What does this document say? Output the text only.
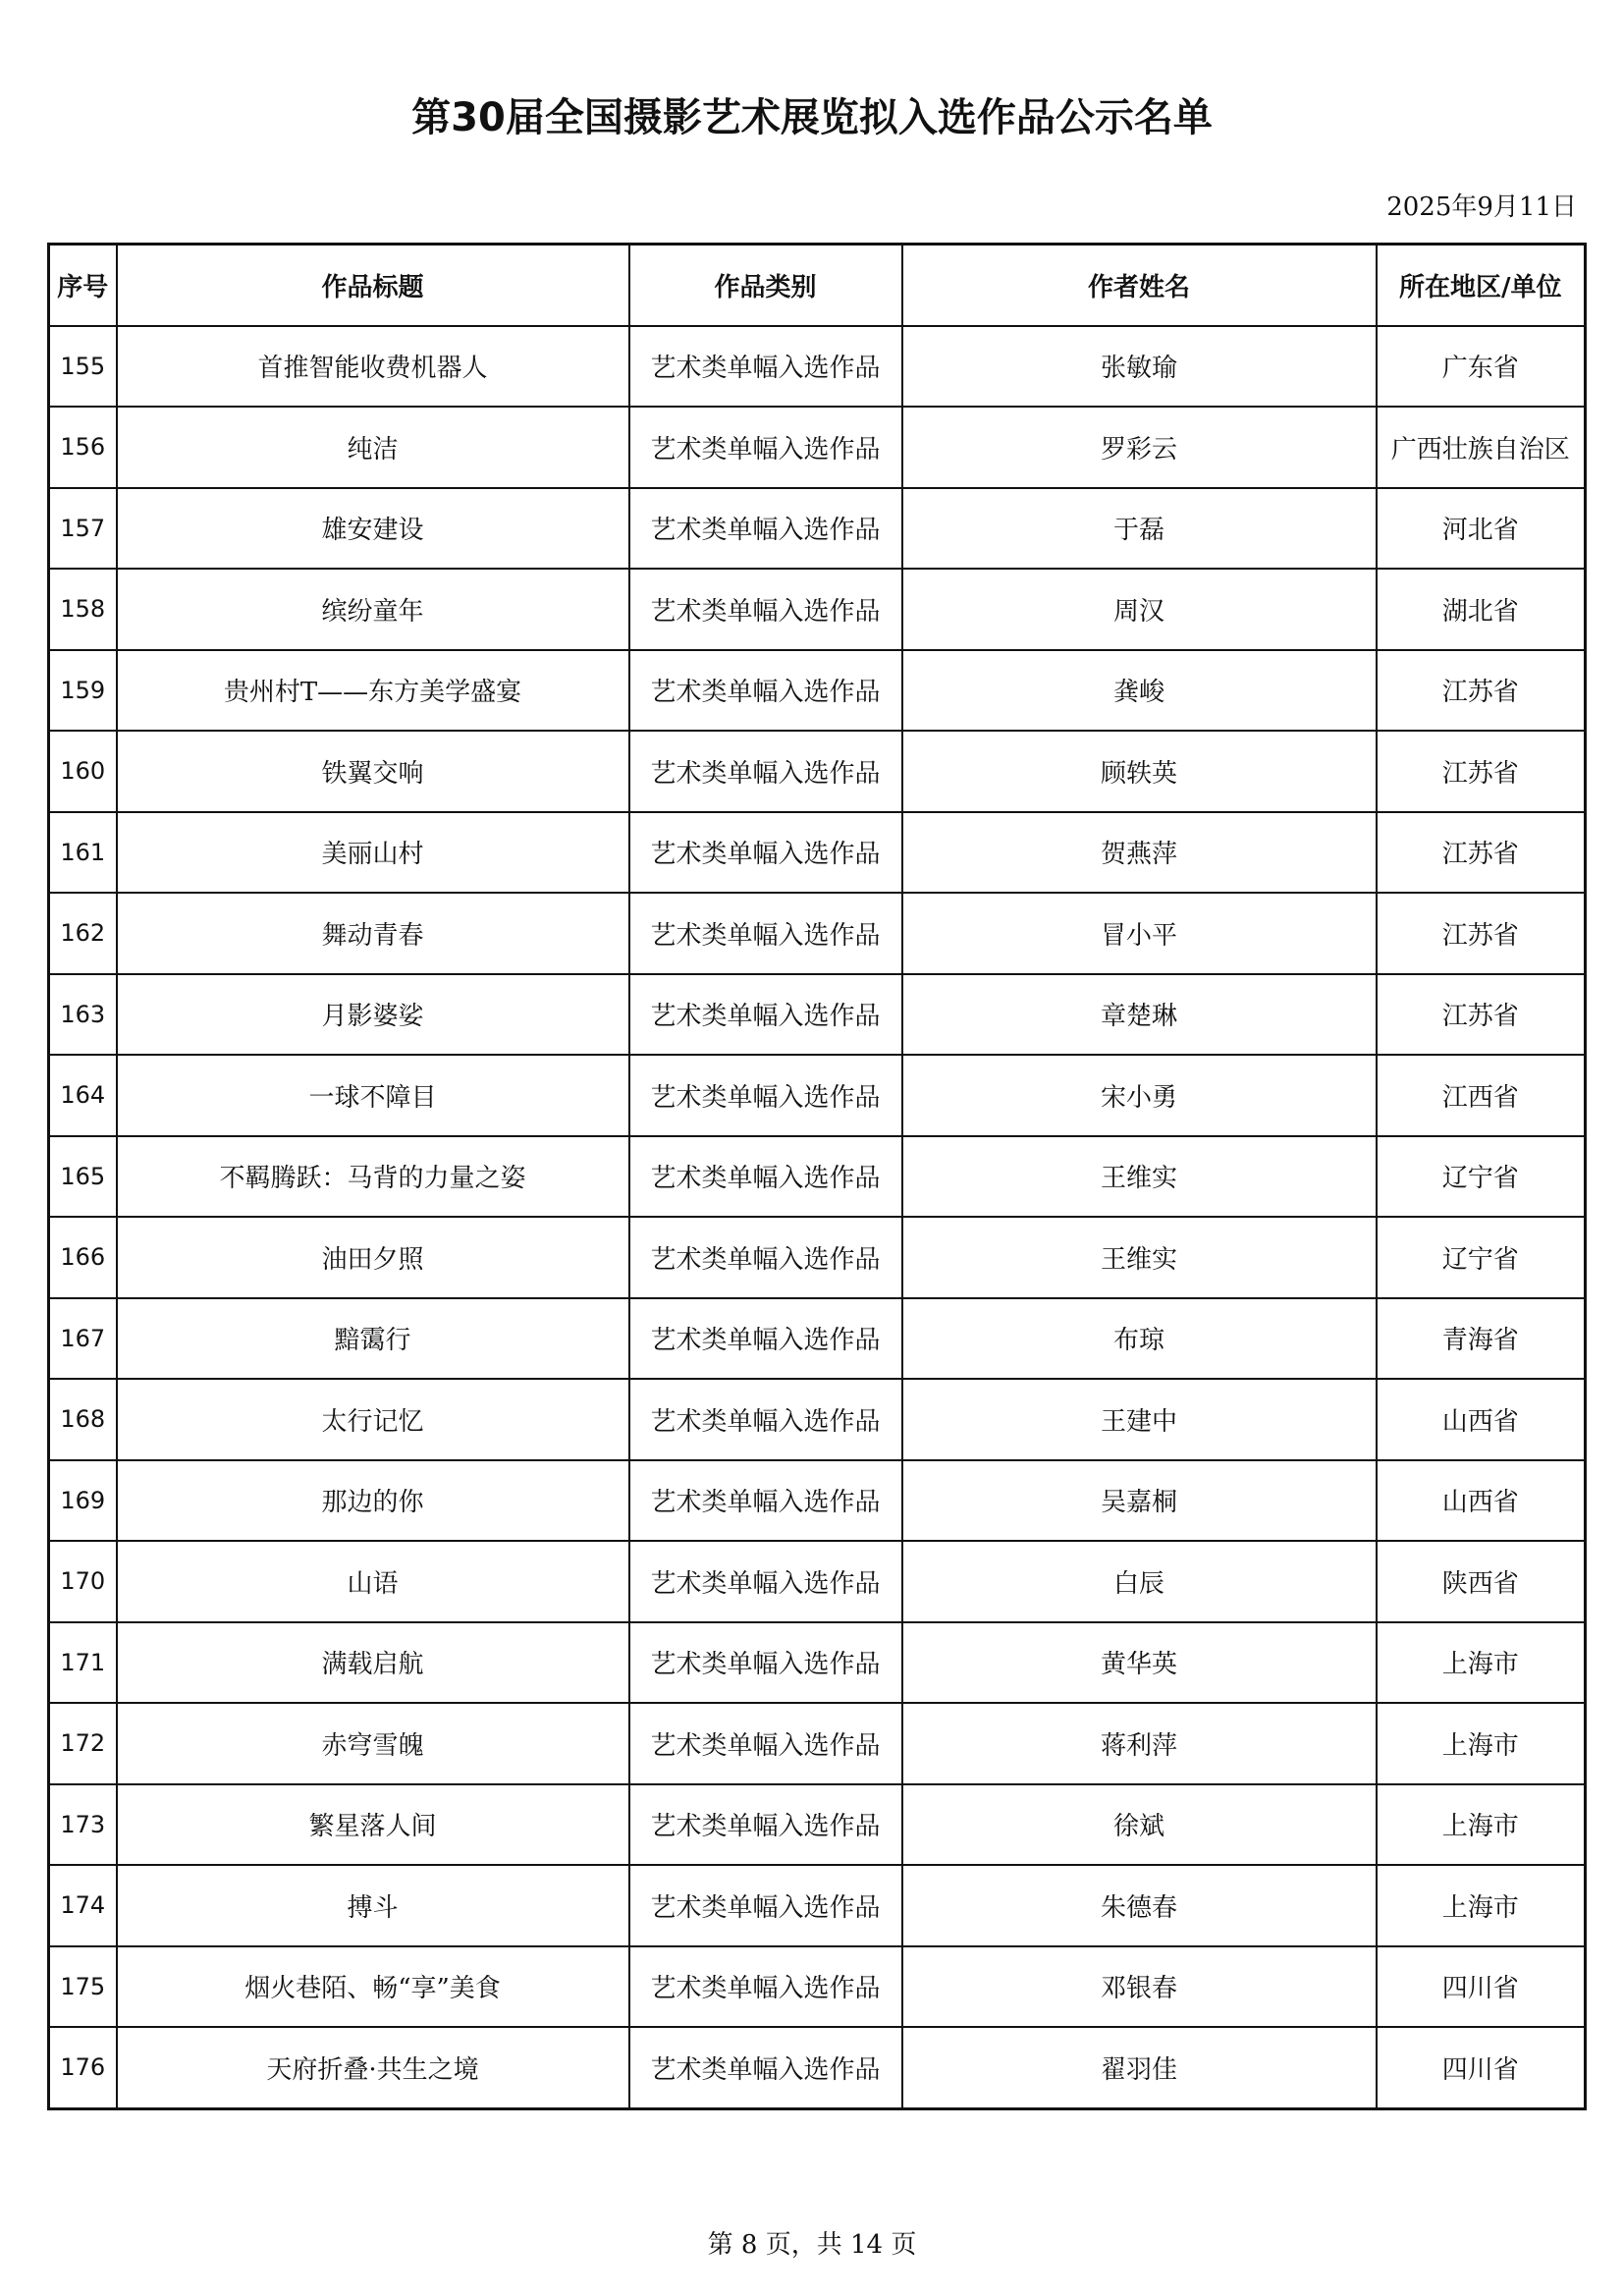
第30届全国摄影艺术展览拟入选作品公示名单
2025年9月11日
序号	作品标题	作品类别	作者姓名	所在地区/单位
155	首推智能收费机器人	艺术类单幅入选作品	张敏瑜	广东省
156	纯洁	艺术类单幅入选作品	罗彩云	广西壮族自治区
157	雄安建设	艺术类单幅入选作品	于磊	河北省
158	缤纷童年	艺术类单幅入选作品	周汉	湖北省
159	贵州村T——东方美学盛宴	艺术类单幅入选作品	龚峻	江苏省
160	铁翼交响	艺术类单幅入选作品	顾轶英	江苏省
161	美丽山村	艺术类单幅入选作品	贺燕萍	江苏省
162	舞动青春	艺术类单幅入选作品	冒小平	江苏省
163	月影婆娑	艺术类单幅入选作品	章楚琳	江苏省
164	一球不障目	艺术类单幅入选作品	宋小勇	江西省
165	不羁腾跃：马背的力量之姿	艺术类单幅入选作品	王维实	辽宁省
166	油田夕照	艺术类单幅入选作品	王维实	辽宁省
167	黯霭行	艺术类单幅入选作品	布琼	青海省
168	太行记忆	艺术类单幅入选作品	王建中	山西省
169	那边的你	艺术类单幅入选作品	吴嘉桐	山西省
170	山语	艺术类单幅入选作品	白辰	陕西省
171	满载启航	艺术类单幅入选作品	黄华英	上海市
172	赤穹雪魄	艺术类单幅入选作品	蒋利萍	上海市
173	繁星落人间	艺术类单幅入选作品	徐斌	上海市
174	搏斗	艺术类单幅入选作品	朱德春	上海市
175	烟火巷陌、畅“享”美食	艺术类单幅入选作品	邓银春	四川省
176	天府折叠·共生之境	艺术类单幅入选作品	翟羽佳	四川省
第 8 页，共 14 页
